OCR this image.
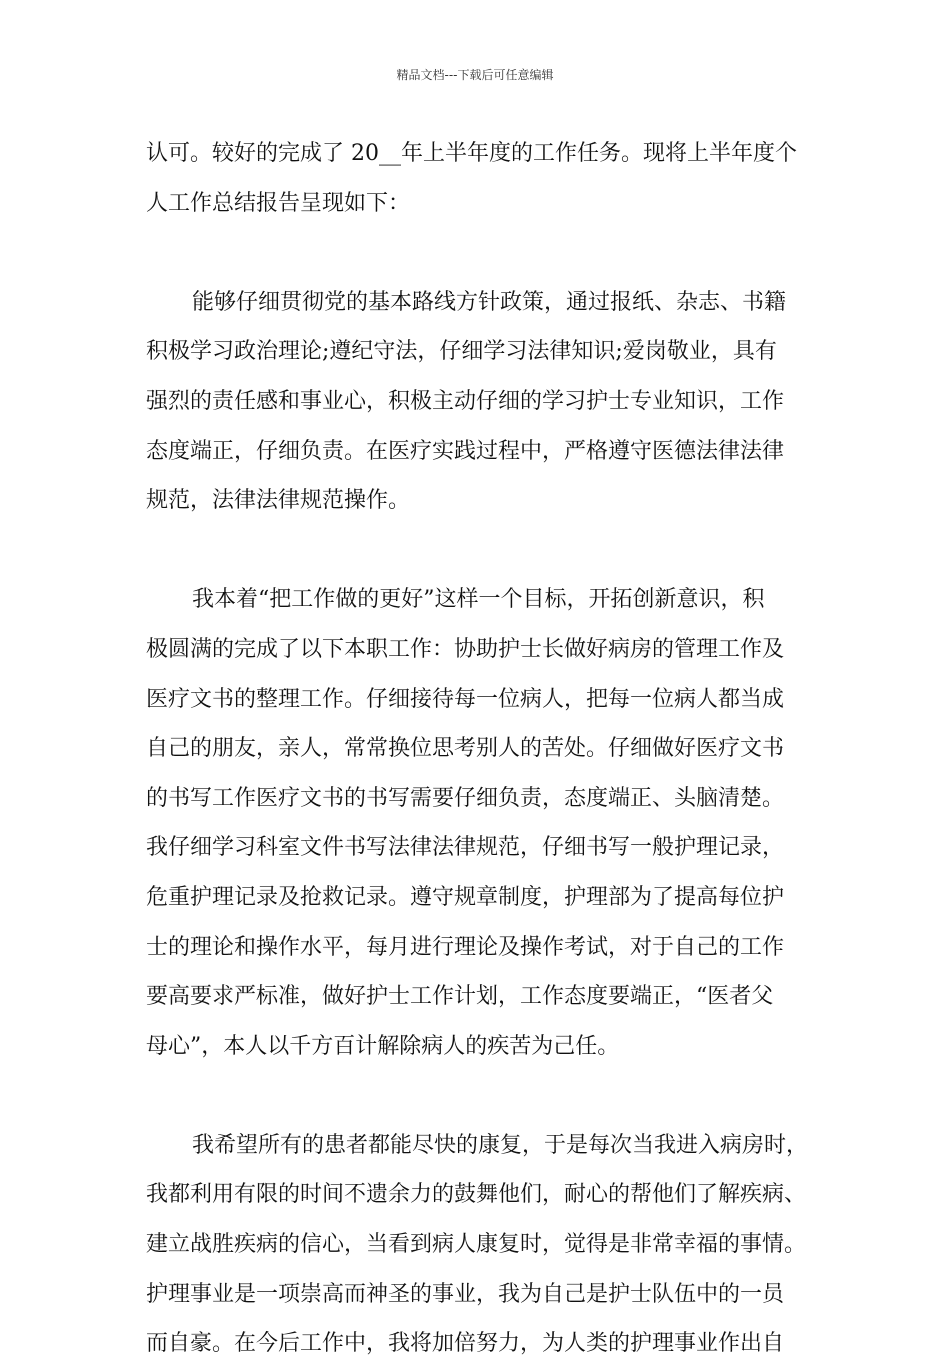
精品文档---下载后可任意编辑
认可。较好的完成了 20__年上半年度的工作任务。现将上半年度个
人工作总结报告呈现如下：
能够仔细贯彻党的基本路线方针政策，通过报纸、杂志、书籍
积极学习政治理论;遵纪守法，仔细学习法律知识;爱岗敬业，具有
强烈的责任感和事业心，积极主动仔细的学习护士专业知识，工作
态度端正，仔细负责。在医疗实践过程中，严格遵守医德法律法律
规范，法律法律规范操作。
我本着“把工作做的更好”这样一个目标，开拓创新意识，积
极圆满的完成了以下本职工作：协助护士长做好病房的管理工作及
医疗文书的整理工作。仔细接待每一位病人，把每一位病人都当成
自己的朋友，亲人，常常换位思考别人的苦处。仔细做好医疗文书
的书写工作医疗文书的书写需要仔细负责，态度端正、头脑清楚。
我仔细学习科室文件书写法律法律规范，仔细书写一般护理记录，
危重护理记录及抢救记录。遵守规章制度，护理部为了提高每位护
士的理论和操作水平，每月进行理论及操作考试，对于自己的工作
要高要求严标准，做好护士工作计划，工作态度要端正，“医者父
母心”，本人以千方百计解除病人的疾苦为己任。
我希望所有的患者都能尽快的康复，于是每次当我进入病房时，
我都利用有限的时间不遗余力的鼓舞他们，耐心的帮他们了解疾病、
建立战胜疾病的信心，当看到病人康复时，觉得是非常幸福的事情。
护理事业是一项崇高而神圣的事业，我为自己是护士队伍中的一员
而自豪。在今后工作中，我将加倍努力，为人类的护理事业作出自
